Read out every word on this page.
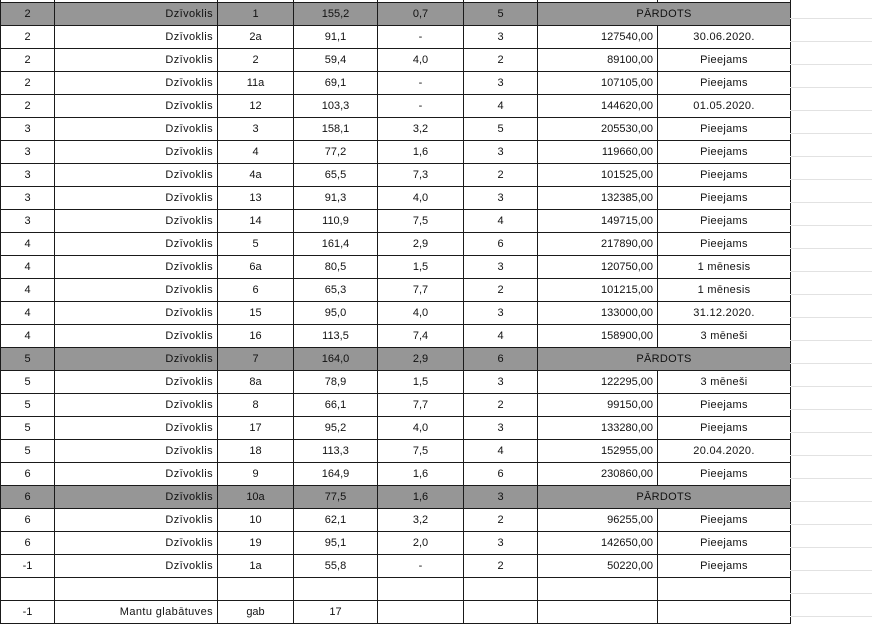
2	Dzīvoklis	1	155,2	0,7	5	PĀRDOTS	
2	Dzīvoklis	2a	91,1	-	3	127540,00	30.06.2020.
2	Dzīvoklis	2	59,4	4,0	2	89100,00	Pieejams
2	Dzīvoklis	11a	69,1	-	3	107105,00	Pieejams
2	Dzīvoklis	12	103,3	-	4	144620,00	01.05.2020.
3	Dzīvoklis	3	158,1	3,2	5	205530,00	Pieejams
3	Dzīvoklis	4	77,2	1,6	3	119660,00	Pieejams
3	Dzīvoklis	4a	65,5	7,3	2	101525,00	Pieejams
3	Dzīvoklis	13	91,3	4,0	3	132385,00	Pieejams
3	Dzīvoklis	14	110,9	7,5	4	149715,00	Pieejams
4	Dzīvoklis	5	161,4	2,9	6	217890,00	Pieejams
4	Dzīvoklis	6a	80,5	1,5	3	120750,00	1 mēnesis
4	Dzīvoklis	6	65,3	7,7	2	101215,00	1 mēnesis
4	Dzīvoklis	15	95,0	4,0	3	133000,00	31.12.2020.
4	Dzīvoklis	16	113,5	7,4	4	158900,00	3 mēneši
5	Dzīvoklis	7	164,0	2,9	6	PĀRDOTS	
5	Dzīvoklis	8a	78,9	1,5	3	122295,00	3 mēneši
5	Dzīvoklis	8	66,1	7,7	2	99150,00	Pieejams
5	Dzīvoklis	17	95,2	4,0	3	133280,00	Pieejams
5	Dzīvoklis	18	113,3	7,5	4	152955,00	20.04.2020.
6	Dzīvoklis	9	164,9	1,6	6	230860,00	Pieejams
6	Dzīvoklis	10a	77,5	1,6	3	PĀRDOTS	
6	Dzīvoklis	10	62,1	3,2	2	96255,00	Pieejams
6	Dzīvoklis	19	95,1	2,0	3	142650,00	Pieejams
-1	Dzīvoklis	1a	55,8	-	2	50220,00	Pieejams

-1	Mantu glabātuves	gab	17				
